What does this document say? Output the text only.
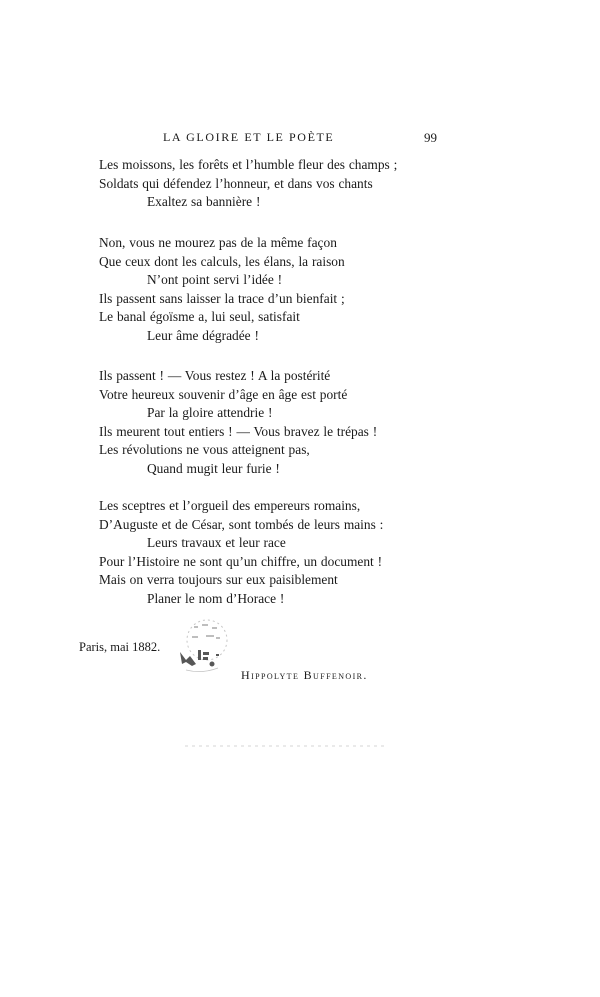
LA GLOIRE ET LE POÈTE	99
Les moissons, les forêts et l’humble fleur des champs ;
Soldats qui défendez l’honneur, et dans vos chants
Exaltez sa bannière !
Non, vous ne mourez pas de la même façon
Que ceux dont les calculs, les élans, la raison
N’ont point servi l’idée !
Ils passent sans laisser la trace d’un bienfait ;
Le banal égoïsme a, lui seul, satisfait
Leur âme dégradée !
Ils passent ! — Vous restez ! A la postérité
Votre heureux souvenir d’âge en âge est porté
Par la gloire attendrie !
Ils meurent tout entiers ! — Vous bravez le trépas !
Les révolutions ne vous atteignent pas,
Quand mugit leur furie !
Les sceptres et l’orgueil des empereurs romains,
D’Auguste et de César, sont tombés de leurs mains :
Leurs travaux et leur race
Pour l’Histoire ne sont qu’un chiffre, un document !
Mais on verra toujours sur eux paisiblement
Planer le nom d’Horace !
Paris, mai 1882.
Hippolyte Buffenoir.
